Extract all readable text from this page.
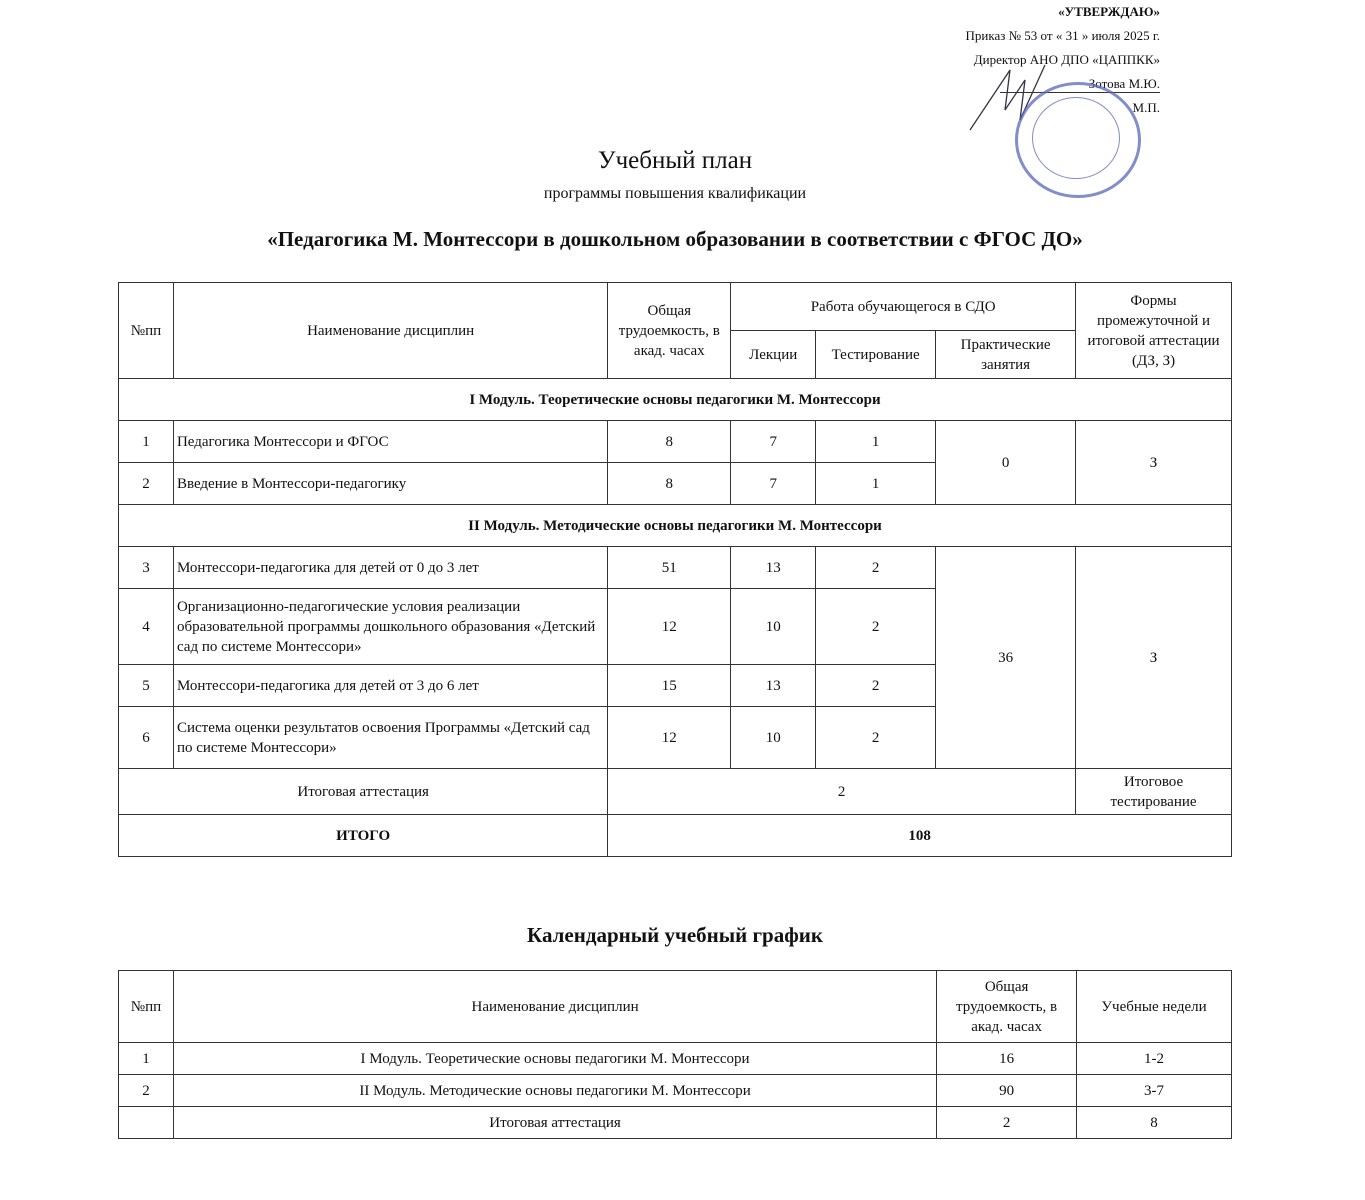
«УТВЕРЖДАЮ»
Приказ № 53 от « 31 » июля 2025 г.
Директор АНО ДПО «ЦАППКК»
Зотова М.Ю.
М.П.
Учебный план
программы повышения квалификации
«Педагогика М. Монтессори в дошкольном образовании в соответствии с ФГОС ДО»
№пп	Наименование дисциплин	Общая трудоемкость, в акад. часах	Работа обучающегося в СДО			Формы промежуточной и итоговой аттестации (ДЗ, З)
			Лекции	Тестирование	Практические занятия	
I Модуль. Теоретические основы педагогики М. Монтессори						
1	Педагогика Монтессори и ФГОС	8	7	1	0	З
2	Введение в Монтессори-педагогику	8	7	1		
II Модуль. Методические основы педагогики М. Монтессори						
3	Монтессори-педагогика для детей от 0 до 3 лет	51	13	2	36	З
4	Организационно-педагогические условия реализации образовательной программы дошкольного образования «Детский сад по системе Монтессори»	12	10	2		
5	Монтессори-педагогика для детей от 3 до 6 лет	15	13	2		
6	Система оценки результатов освоения Программы «Детский сад по системе Монтессори»	12	10	2		
Итоговая аттестация		2				Итоговое тестирование
ИТОГО		108				
Календарный учебный график
№пп	Наименование дисциплин	Общая трудоемкость, в акад. часах	Учебные недели
1	I Модуль. Теоретические основы педагогики М. Монтессори	16	1-2
2	II Модуль. Методические основы педагогики М. Монтессори	90	3-7
	Итоговая аттестация	2	8
